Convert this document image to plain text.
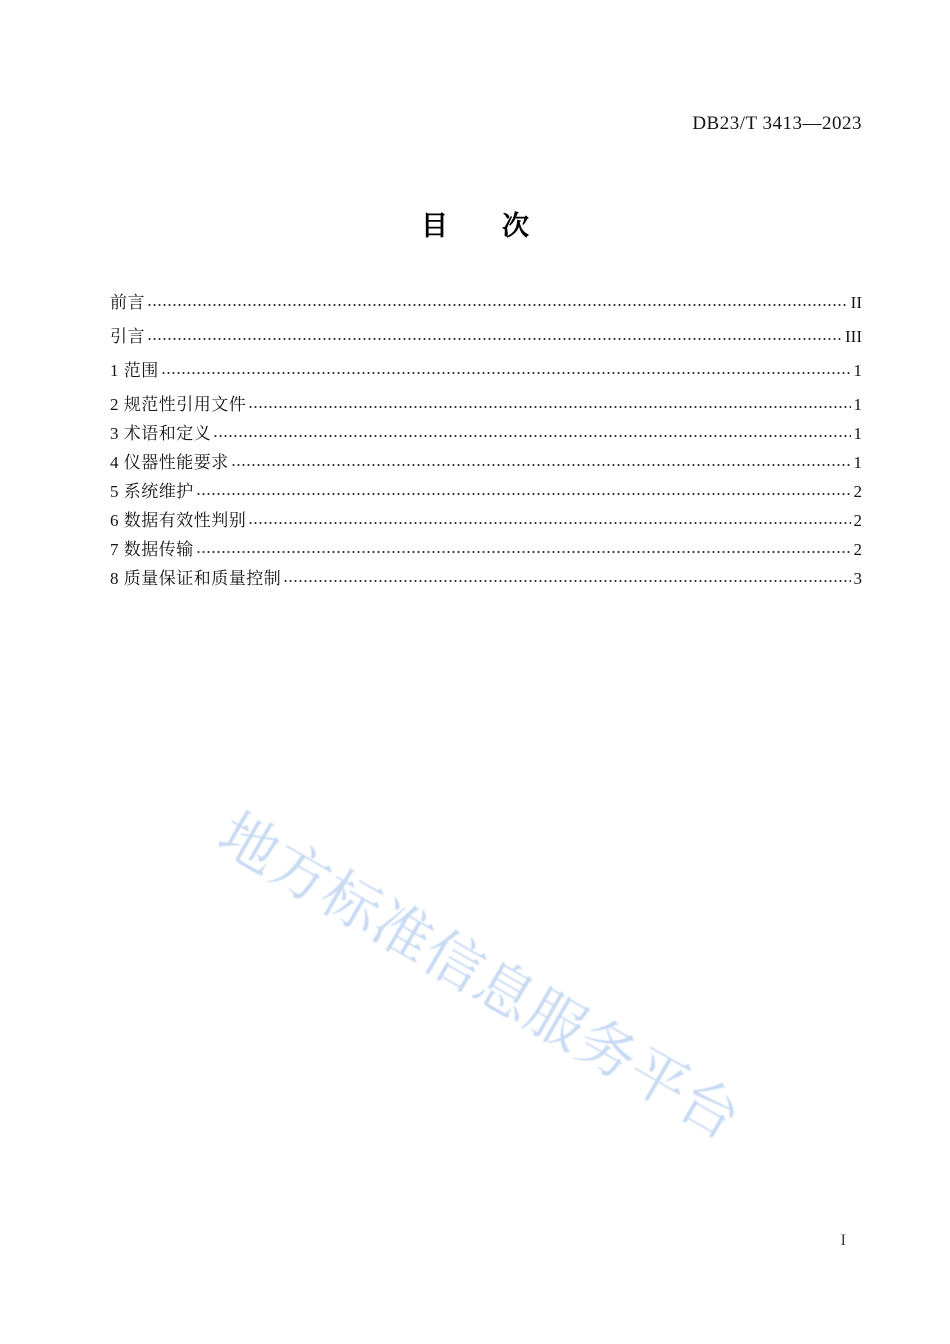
DB23/T 3413—2023
目　　次
前言	II
引言	III
1 范围	1
2 规范性引用文件	1
3 术语和定义	1
4 仪器性能要求	1
5 系统维护	2
6 数据有效性判别	2
7 数据传输	2
8 质量保证和质量控制	3
地方标准信息服务平台
I
